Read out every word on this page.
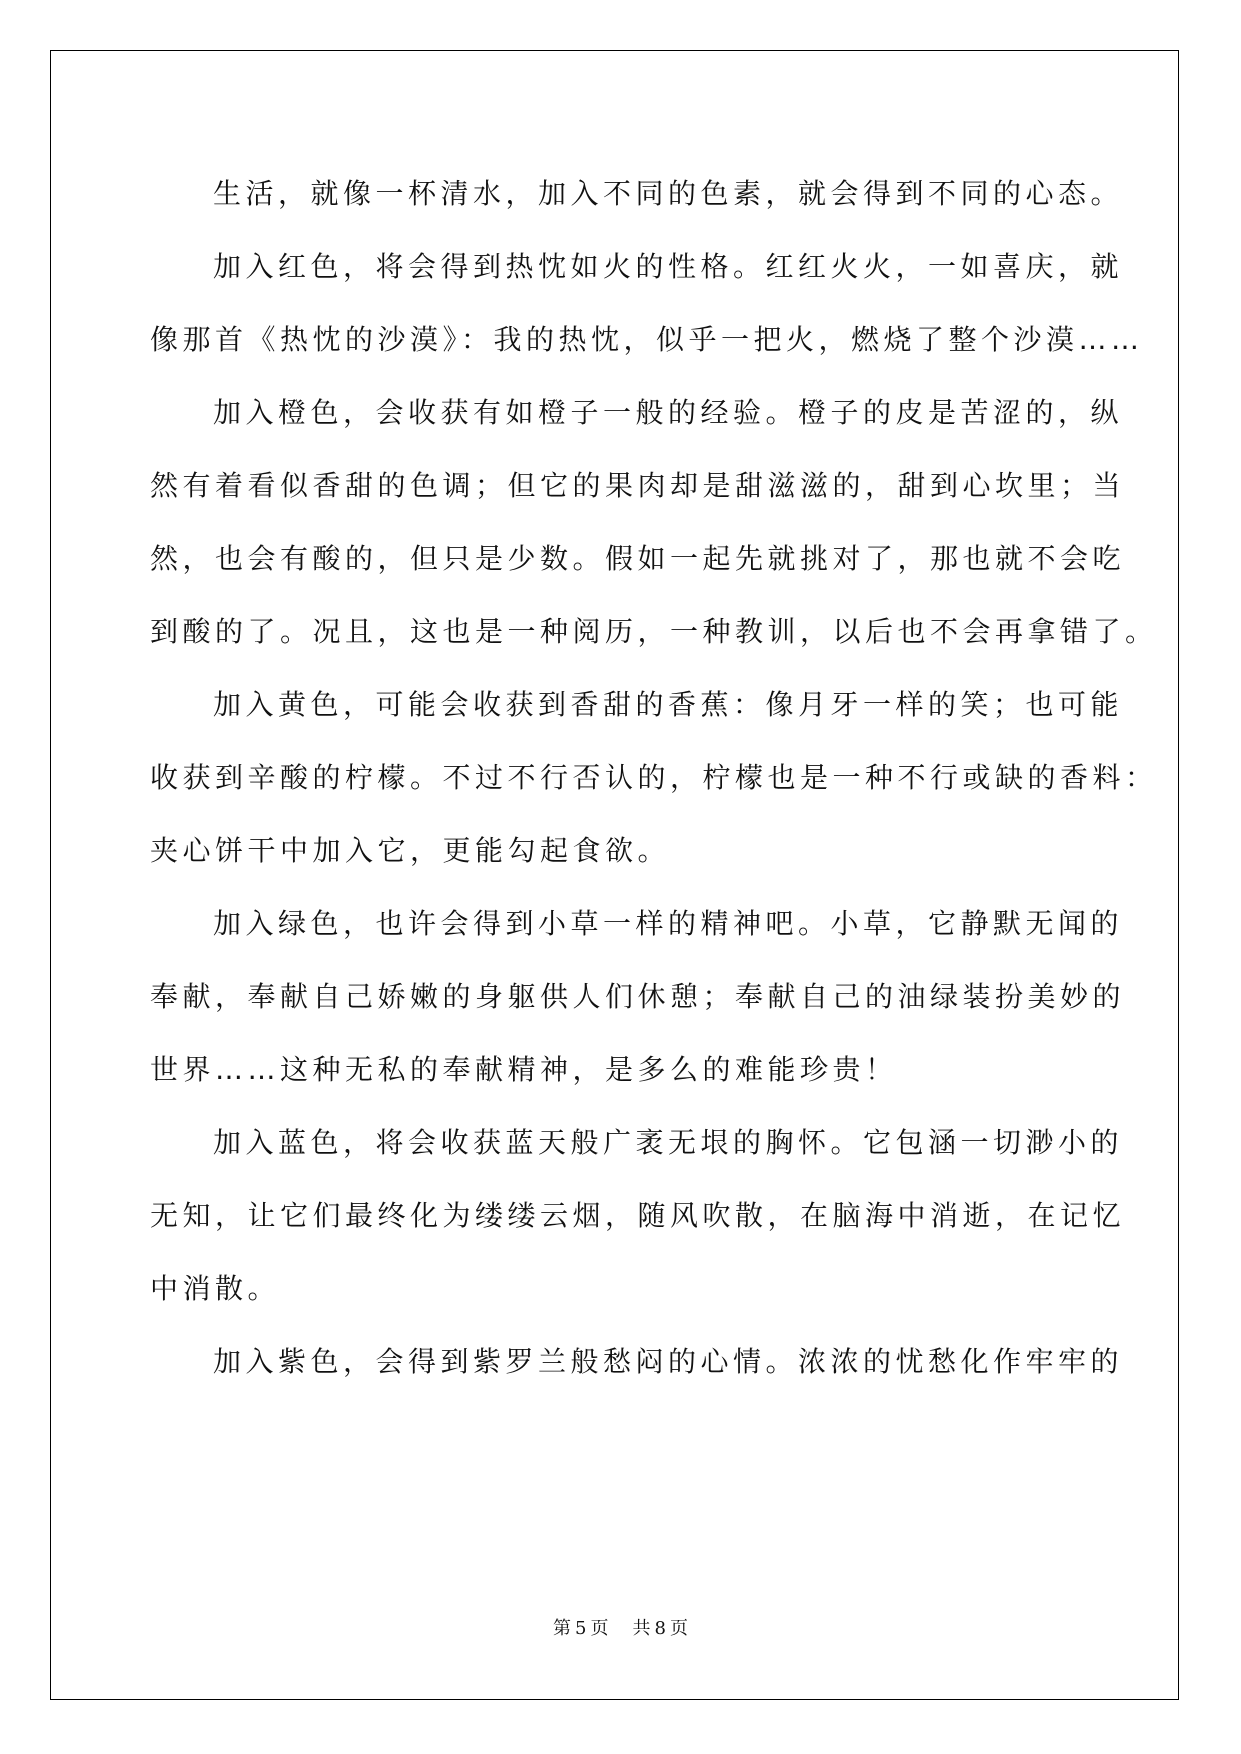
生活，就像一杯清水，加入不同的色素，就会得到不同的心态。
加入红色，将会得到热忱如火的性格。红红火火，一如喜庆，就
像那首《热忱的沙漠》：我的热忱，似乎一把火，燃烧了整个沙漠……
加入橙色，会收获有如橙子一般的经验。橙子的皮是苦涩的，纵
然有着看似香甜的色调；但它的果肉却是甜滋滋的，甜到心坎里；当
然，也会有酸的，但只是少数。假如一起先就挑对了，那也就不会吃
到酸的了。况且，这也是一种阅历，一种教训，以后也不会再拿错了。
加入黄色，可能会收获到香甜的香蕉：像月牙一样的笑；也可能
收获到辛酸的柠檬。不过不行否认的，柠檬也是一种不行或缺的香料：
夹心饼干中加入它，更能勾起食欲。
加入绿色，也许会得到小草一样的精神吧。小草，它静默无闻的
奉献，奉献自己娇嫩的身躯供人们休憩；奉献自己的油绿装扮美妙的
世界……这种无私的奉献精神，是多么的难能珍贵！
加入蓝色，将会收获蓝天般广袤无垠的胸怀。它包涵一切渺小的
无知，让它们最终化为缕缕云烟，随风吹散，在脑海中消逝，在记忆
中消散。
加入紫色，会得到紫罗兰般愁闷的心情。浓浓的忧愁化作牢牢的
第 5 页 共 8 页
